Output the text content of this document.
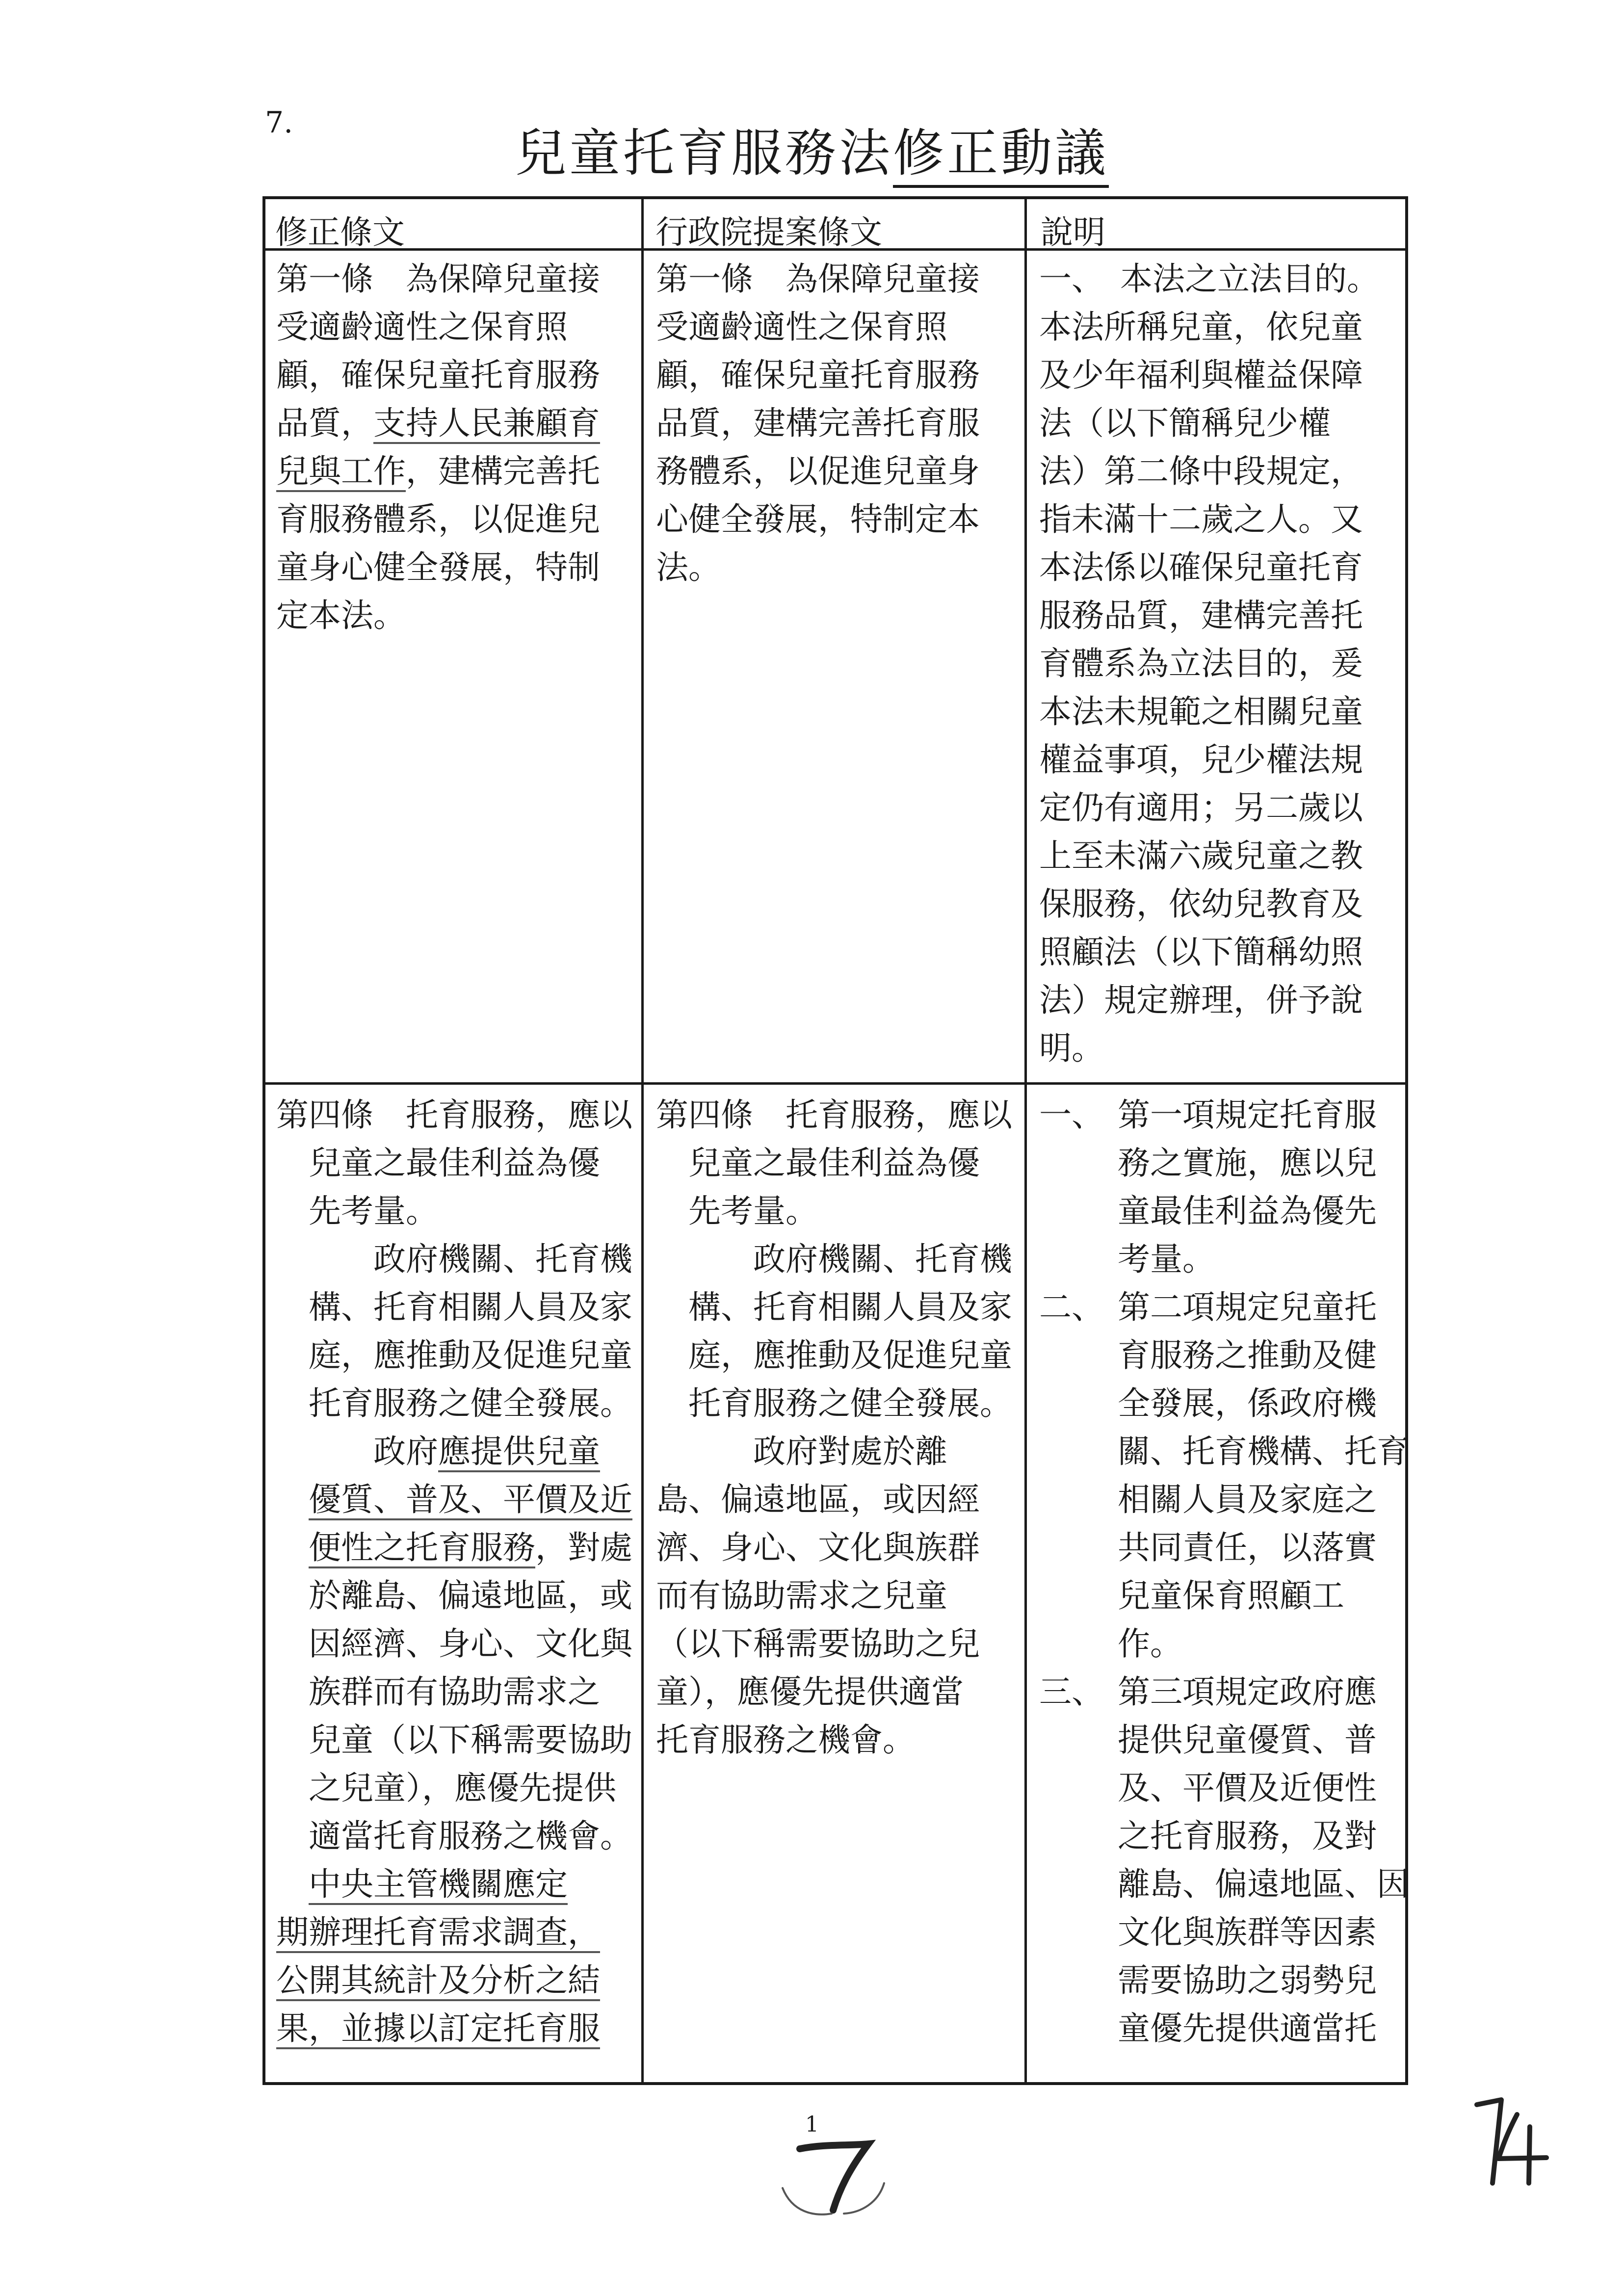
7.
兒童托育服務法修正動議
修正條文	行政院提案條文	說明
第一條　為保障兒童接
受適齡適性之保育照
顧，確保兒童托育服務
品質，支持人民兼顧育
兒與工作，建構完善托
育服務體系，以促進兒
童身心健全發展，特制
定本法。
第一條　為保障兒童接
受適齡適性之保育照
顧，確保兒童托育服務
品質，建構完善托育服
務體系，以促進兒童身
心健全發展，特制定本
法。
一、　本法之立法目的。
本法所稱兒童，依兒童
及少年福利與權益保障
法（以下簡稱兒少權
法）第二條中段規定，
指未滿十二歲之人。又
本法係以確保兒童托育
服務品質，建構完善托
育體系為立法目的，爰
本法未規範之相關兒童
權益事項，兒少權法規
定仍有適用；另二歲以
上至未滿六歲兒童之教
保服務，依幼兒教育及
照顧法（以下簡稱幼照
法）規定辦理，併予說
明。
第四條　托育服務，應以
兒童之最佳利益為優
先考量。
政府機關、托育機
構、托育相關人員及家
庭，應推動及促進兒童
托育服務之健全發展。
政府應提供兒童
優質、普及、平價及近
便性之托育服務，對處
於離島、偏遠地區，或
因經濟、身心、文化與
族群而有協助需求之
兒童（以下稱需要協助
之兒童），應優先提供
適當托育服務之機會。
中央主管機關應定
期辦理托育需求調查，
公開其統計及分析之結
果，並據以訂定托育服
第四條　托育服務，應以
兒童之最佳利益為優
先考量。
政府機關、托育機
構、托育相關人員及家
庭，應推動及促進兒童
托育服務之健全發展。
政府對處於離
島、偏遠地區，或因經
濟、身心、文化與族群
而有協助需求之兒童
（以下稱需要協助之兒
童），應優先提供適當
托育服務之機會。
一、 第一項規定托育服
務之實施，應以兒
童最佳利益為優先
考量。
二、 第二項規定兒童托
育服務之推動及健
全發展，係政府機
關、托育機構、托育
相關人員及家庭之
共同責任，以落實
兒童保育照顧工
作。
三、 第三項規定政府應
提供兒童優質、普
及、平價及近便性
之托育服務，及對
離島、偏遠地區、因
文化與族群等因素
需要協助之弱勢兒
童優先提供適當托
1
